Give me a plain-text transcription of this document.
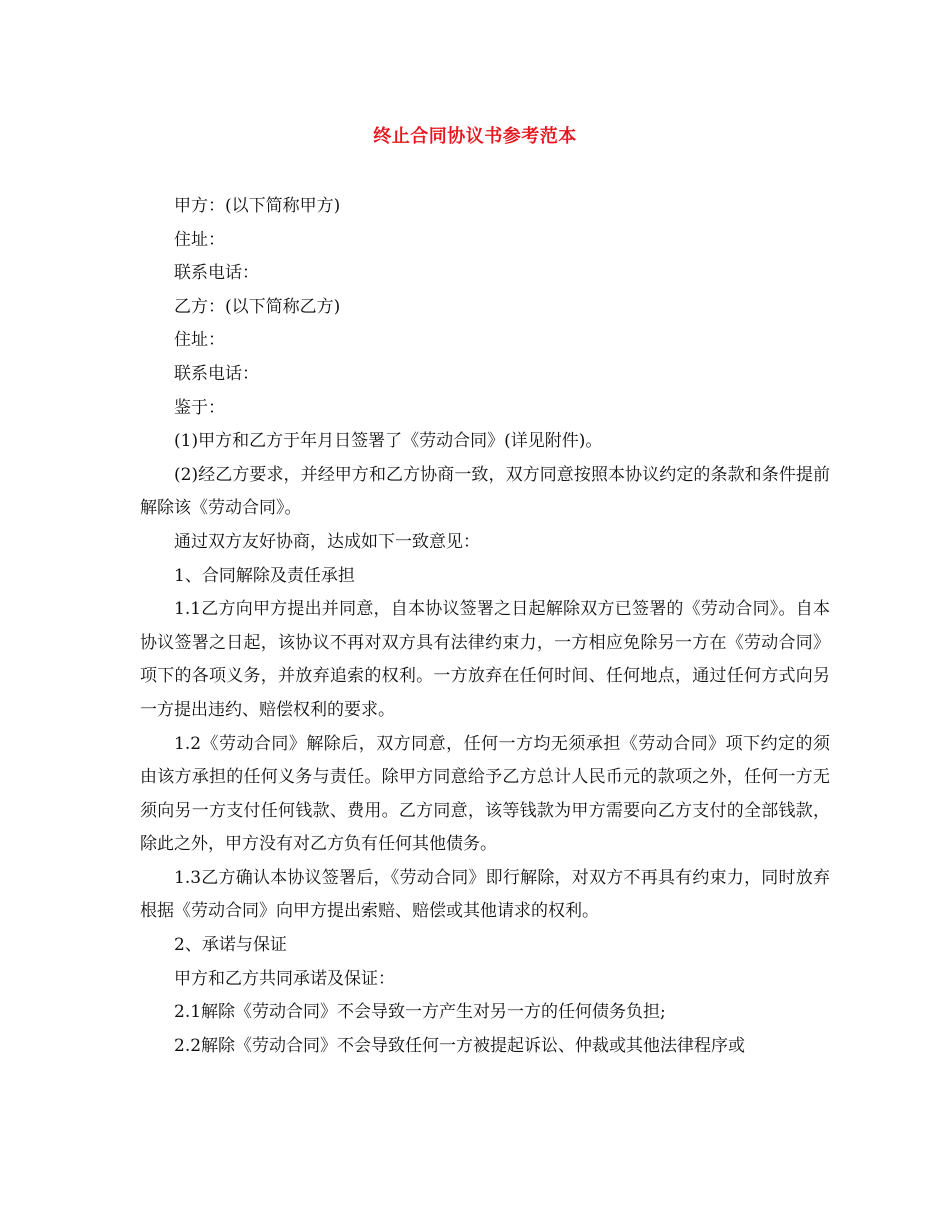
终止合同协议书参考范本

甲方：(以下简称甲方)

住址：

联系电话：

乙方：(以下简称乙方)

住址：

联系电话：

鉴于：

(1)甲方和乙方于年月日签署了《劳动合同》(详见附件)。

(2)经乙方要求，并经甲方和乙方协商一致，双方同意按照本协议约定的条款和条件提前解除该《劳动合同》。

通过双方友好协商，达成如下一致意见：

1、合同解除及责任承担

1.1乙方向甲方提出并同意，自本协议签署之日起解除双方已签署的《劳动合同》。自本协议签署之日起，该协议不再对双方具有法律约束力，一方相应免除另一方在《劳动合同》项下的各项义务，并放弃追索的权利。一方放弃在任何时间、任何地点，通过任何方式向另一方提出违约、赔偿权利的要求。

1.2《劳动合同》解除后，双方同意，任何一方均无须承担《劳动合同》项下约定的须由该方承担的任何义务与责任。除甲方同意给予乙方总计人民币元的款项之外，任何一方无须向另一方支付任何钱款、费用。乙方同意，该等钱款为甲方需要向乙方支付的全部钱款，除此之外，甲方没有对乙方负有任何其他债务。

1.3乙方确认本协议签署后，《劳动合同》即行解除，对双方不再具有约束力，同时放弃根据《劳动合同》向甲方提出索赔、赔偿或其他请求的权利。

2、承诺与保证

甲方和乙方共同承诺及保证：

2.1解除《劳动合同》不会导致一方产生对另一方的任何债务负担;

2.2解除《劳动合同》不会导致任何一方被提起诉讼、仲裁或其他法律程序或
